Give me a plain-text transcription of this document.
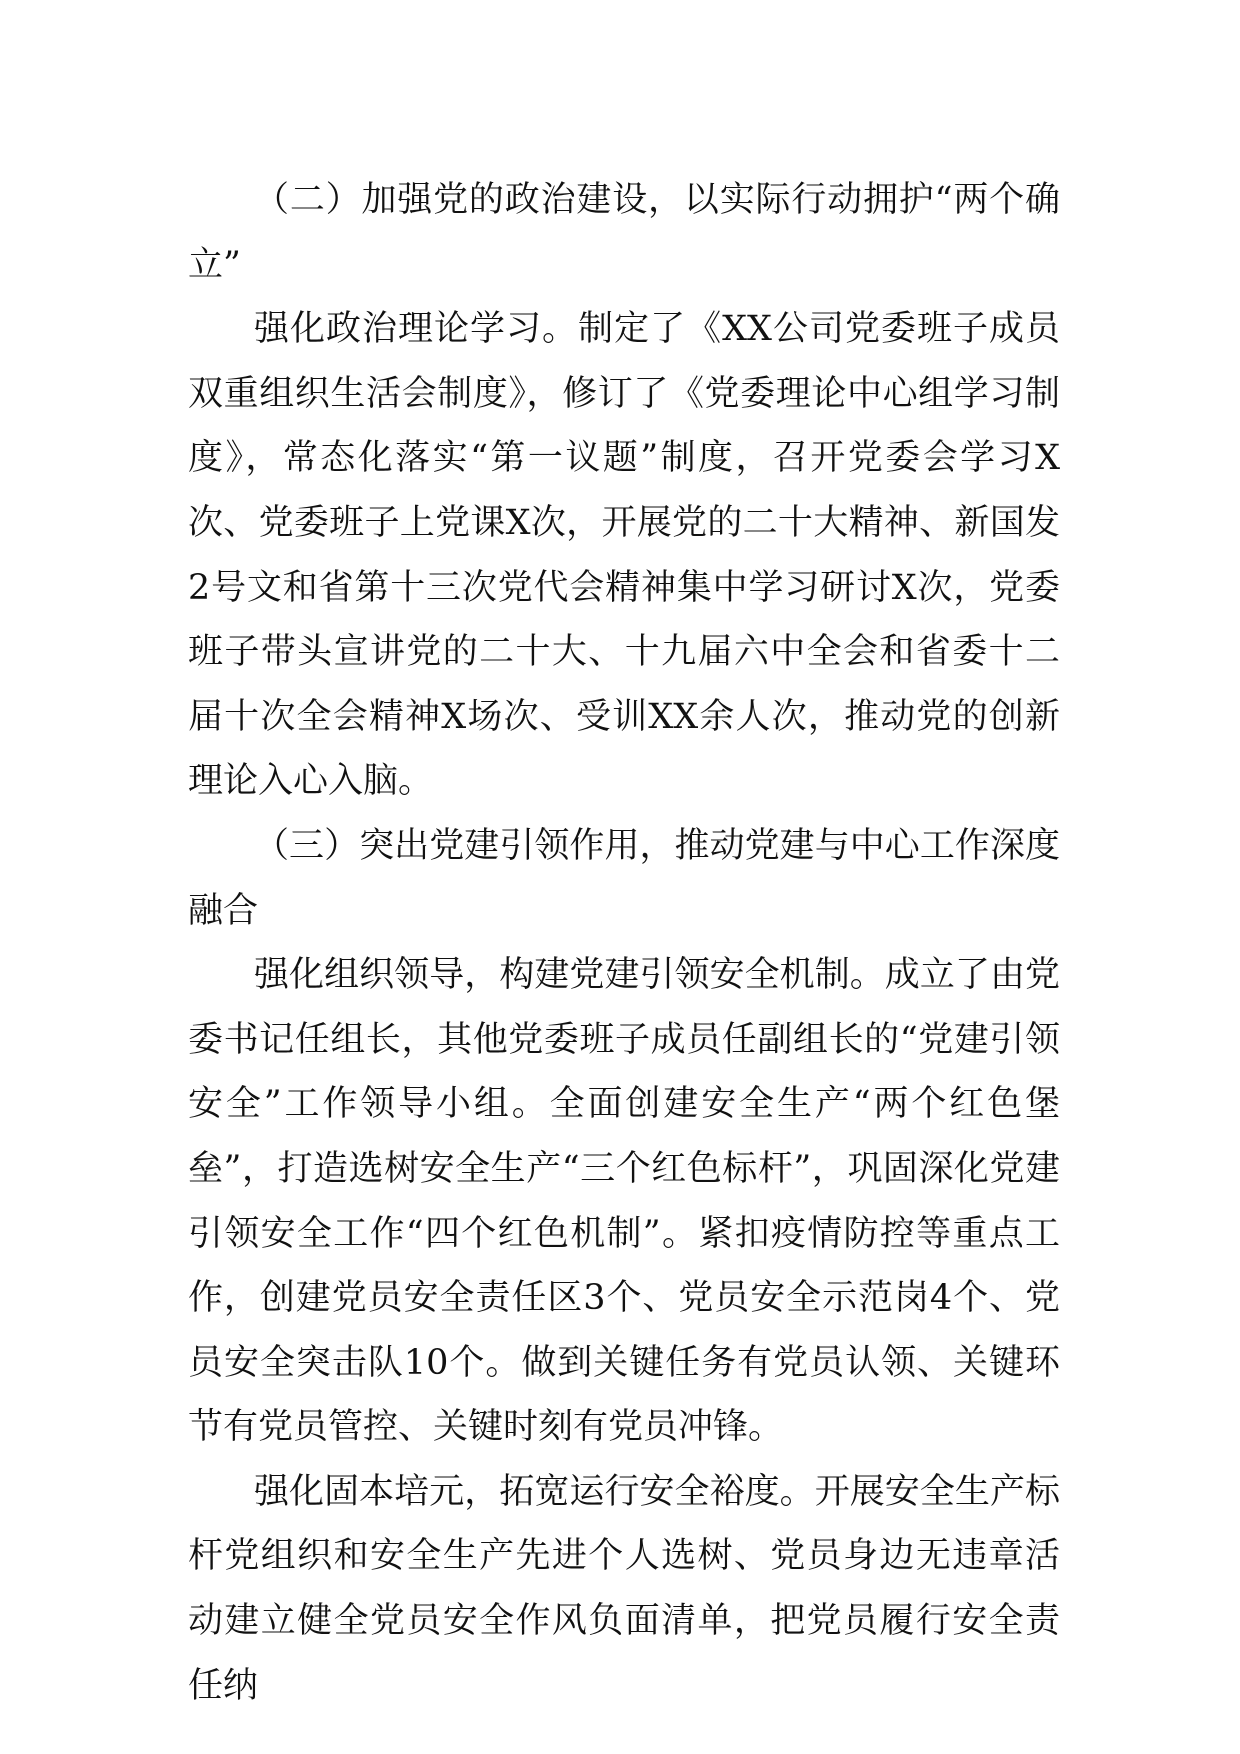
（二）加强党的政治建设，以实际行动拥护“两个确立”

强化政治理论学习。制定了《XX公司党委班子成员双重组织生活会制度》，修订了《党委理论中心组学习制度》，常态化落实“第一议题”制度，召开党委会学习X次、党委班子上党课X次，开展党的二十大精神、新国发2号文和省第十三次党代会精神集中学习研讨X次，党委班子带头宣讲党的二十大、十九届六中全会和省委十二届十次全会精神X场次、受训XX余人次，推动党的创新理论入心入脑。

（三）突出党建引领作用，推动党建与中心工作深度融合

强化组织领导，构建党建引领安全机制。成立了由党委书记任组长，其他党委班子成员任副组长的“党建引领安全”工作领导小组。全面创建安全生产“两个红色堡垒”，打造选树安全生产“三个红色标杆”，巩固深化党建引领安全工作“四个红色机制”。紧扣疫情防控等重点工作，创建党员安全责任区3个、党员安全示范岗4个、党员安全突击队10个。做到关键任务有党员认领、关键环节有党员管控、关键时刻有党员冲锋。

强化固本培元，拓宽运行安全裕度。开展安全生产标杆党组织和安全生产先进个人选树、党员身边无违章活动建立健全党员安全作风负面清单，把党员履行安全责任纳
